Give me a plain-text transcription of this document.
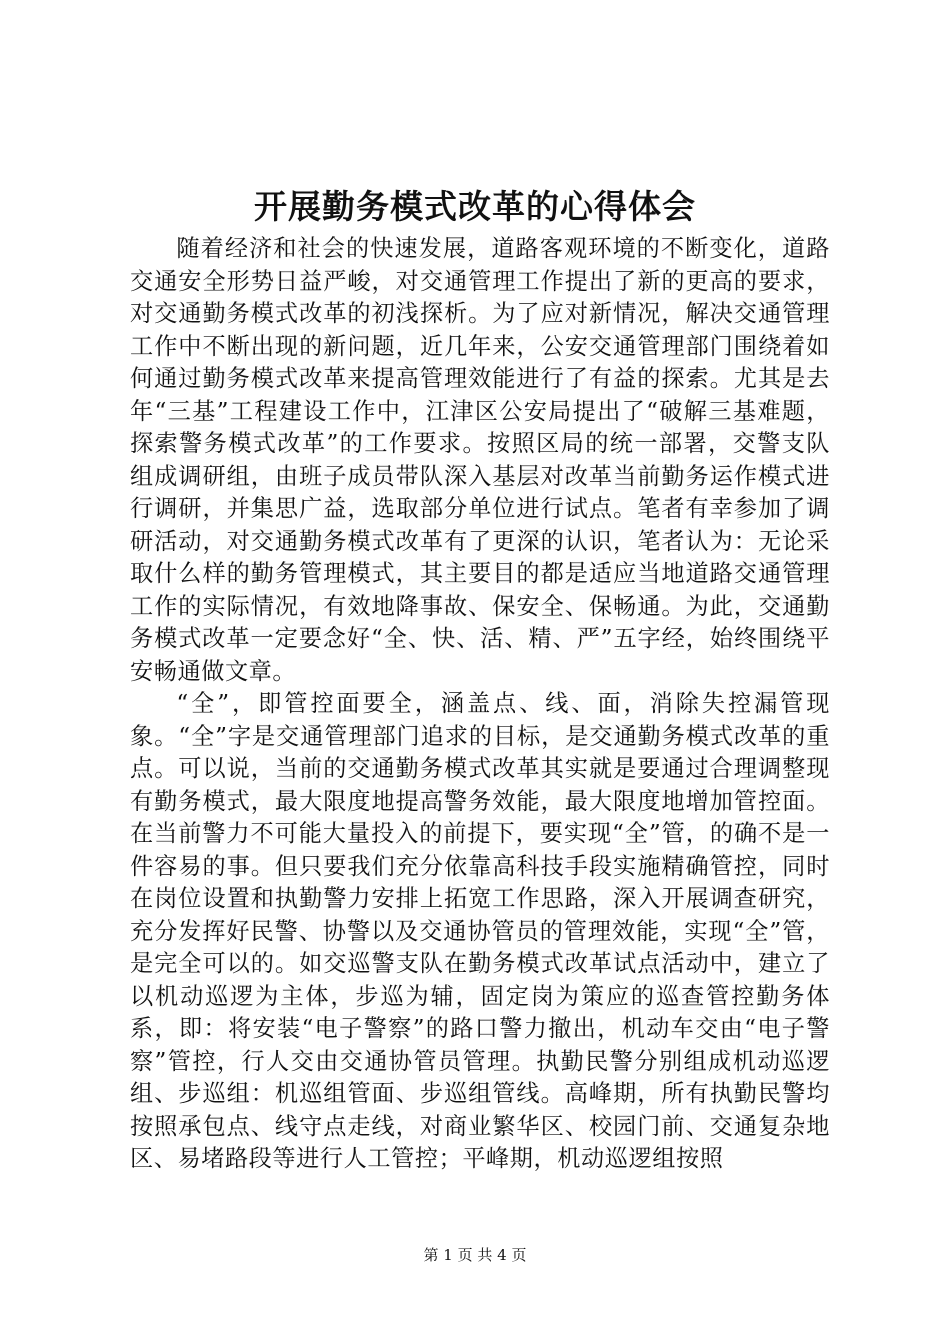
开展勤务模式改革的心得体会

随着经济和社会的快速发展，道路客观环境的不断变化，道路交通安全形势日益严峻，对交通管理工作提出了新的更高的要求，对交通勤务模式改革的初浅探析。为了应对新情况，解决交通管理工作中不断出现的新问题，近几年来，公安交通管理部门围绕着如何通过勤务模式改革来提高管理效能进行了有益的探索。尤其是去年“三基”工程建设工作中，江津区公安局提出了“破解三基难题，探索警务模式改革”的工作要求。按照区局的统一部署，交警支队组成调研组，由班子成员带队深入基层对改革当前勤务运作模式进行调研，并集思广益，选取部分单位进行试点。笔者有幸参加了调研活动，对交通勤务模式改革有了更深的认识，笔者认为：无论采取什么样的勤务管理模式，其主要目的都是适应当地道路交通管理工作的实际情况，有效地降事故、保安全、保畅通。为此，交通勤务模式改革一定要念好“全、快、活、精、严”五字经，始终围绕平安畅通做文章。

“全”，即管控面要全，涵盖点、线、面，消除失控漏管现象。“全”字是交通管理部门追求的目标，是交通勤务模式改革的重点。可以说，当前的交通勤务模式改革其实就是要通过合理调整现有勤务模式，最大限度地提高警务效能，最大限度地增加管控面。在当前警力不可能大量投入的前提下，要实现“全”管，的确不是一件容易的事。但只要我们充分依靠高科技手段实施精确管控，同时在岗位设置和执勤警力安排上拓宽工作思路，深入开展调查研究，充分发挥好民警、协警以及交通协管员的管理效能，实现“全”管，是完全可以的。如交巡警支队在勤务模式改革试点活动中，建立了以机动巡逻为主体，步巡为辅，固定岗为策应的巡查管控勤务体系，即：将安装“电子警察”的路口警力撤出，机动车交由“电子警察”管控，行人交由交通协管员管理。执勤民警分别组成机动巡逻组、步巡组：机巡组管面、步巡组管线。高峰期，所有执勤民警均按照承包点、线守点走线，对商业繁华区、校园门前、交通复杂地区、易堵路段等进行人工管控；平峰期，机动巡逻组按照

第 1 页 共 4 页
